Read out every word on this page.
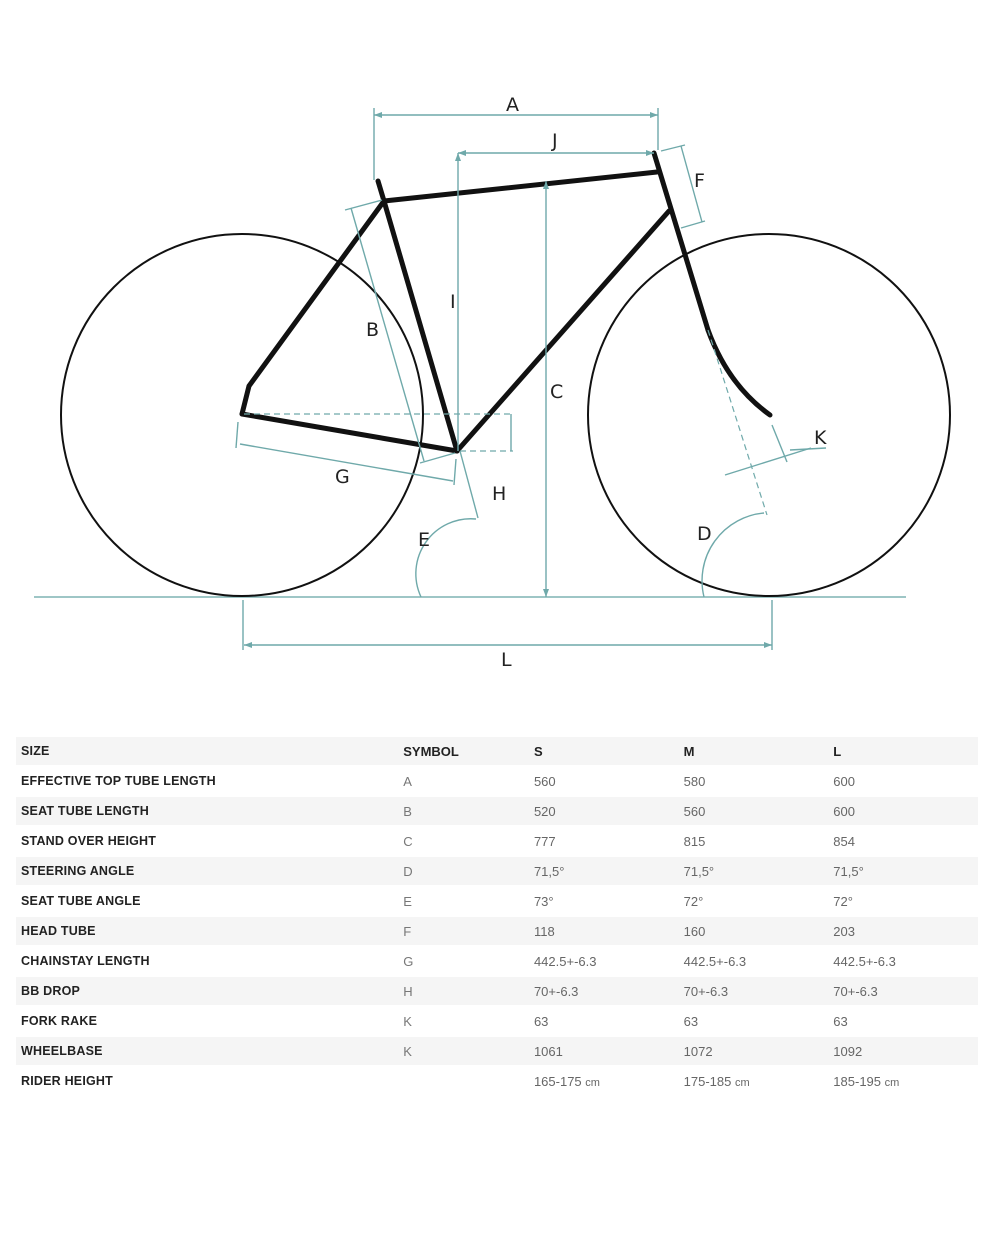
A
J
F
I
B
C
K
G
H
E	D
L
SIZE	SYMBOL	S	M	L
EFFECTIVE TOP TUBE LENGTH	A	560	580	600
SEAT TUBE LENGTH	B	520	560	600
STAND OVER HEIGHT	C	777	815	854
STEERING ANGLE	D	71,5°	71,5°	71,5°
SEAT TUBE ANGLE	E	73°	72°	72°
HEAD TUBE	F	118	160	203
CHAINSTAY LENGTH	G	442.5+-6.3	442.5+-6.3	442.5+-6.3
BB DROP	H	70+-6.3	70+-6.3	70+-6.3
FORK RAKE	K	63	63	63
WHEELBASE	K	1061	1072	1092
RIDER HEIGHT		165-175 cm	175-185 cm	185-195 cm
